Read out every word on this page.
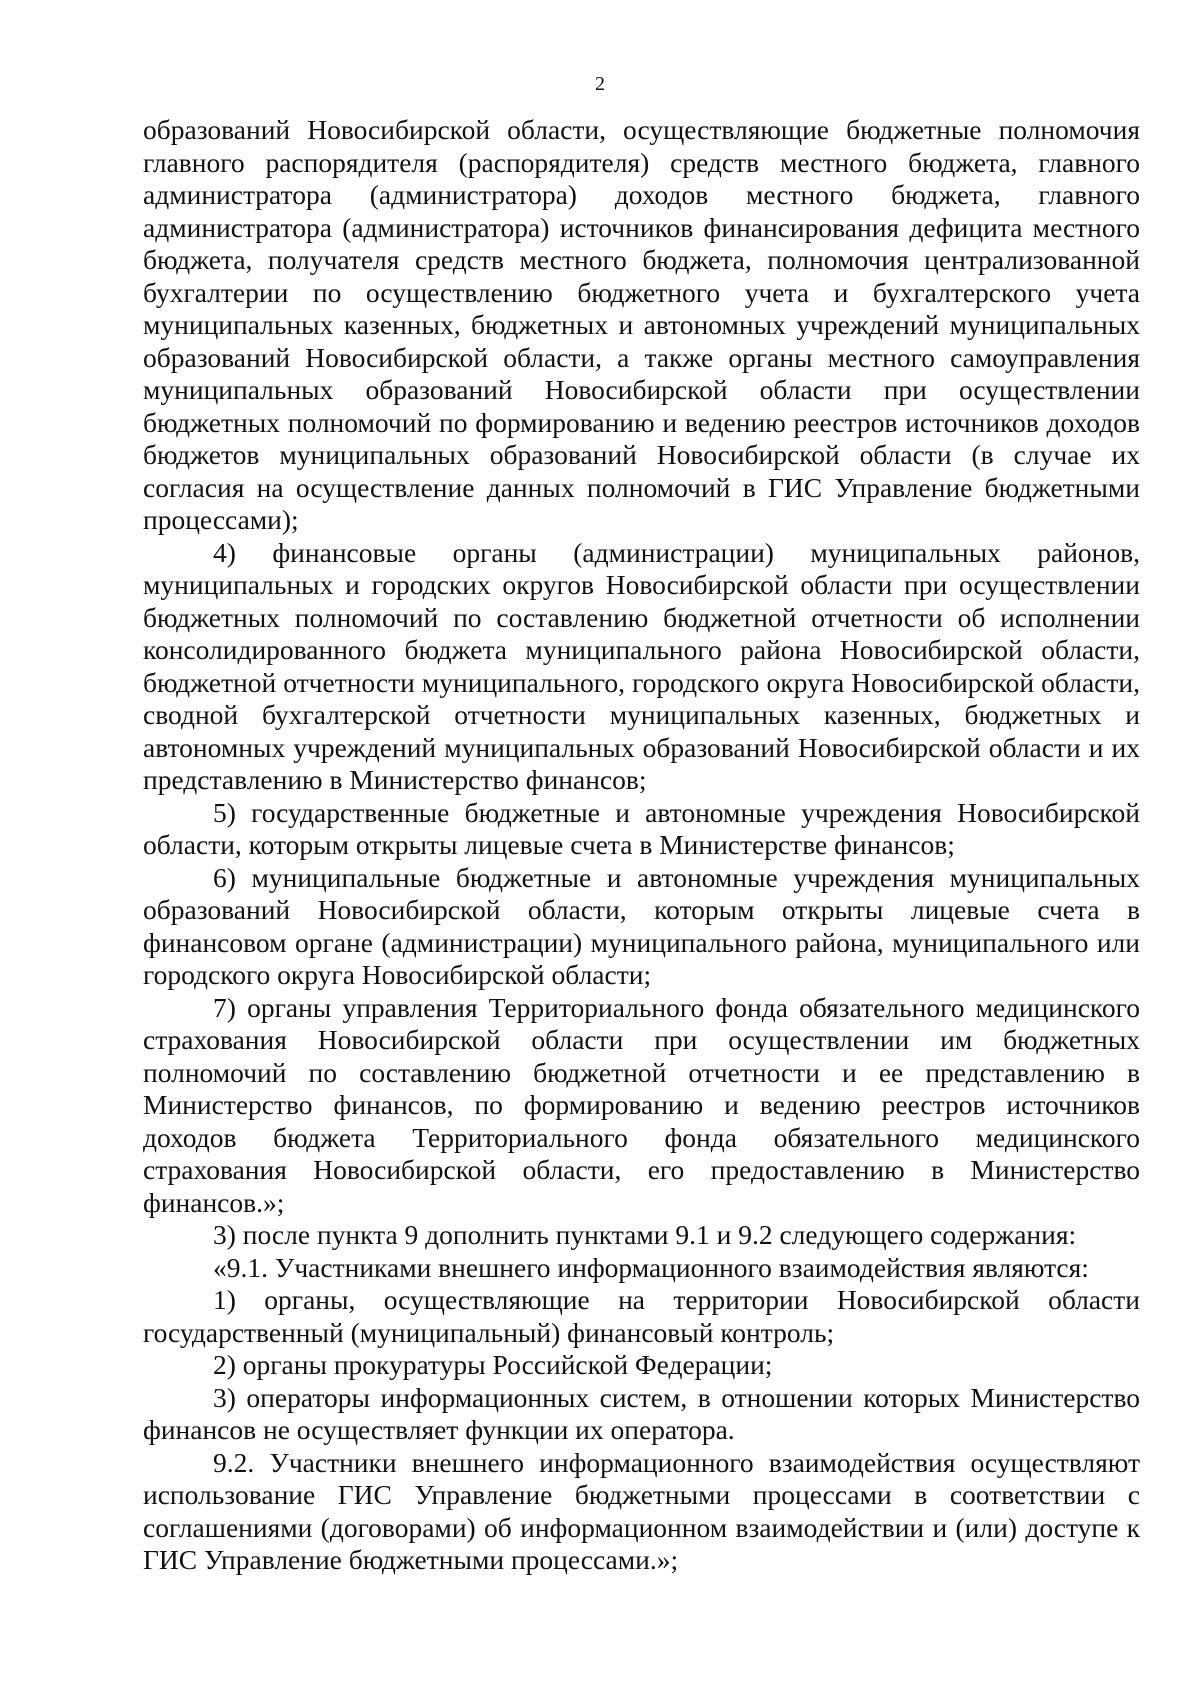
2

образований Новосибирской области, осуществляющие бюджетные полномочия главного распорядителя (распорядителя) средств местного бюджета, главного администратора (администратора) доходов местного бюджета, главного администратора (администратора) источников финансирования дефицита местного бюджета, получателя средств местного бюджета, полномочия централизованной бухгалтерии по осуществлению бюджетного учета и бухгалтерского учета муниципальных казенных, бюджетных и автономных учреждений муниципальных образований Новосибирской области, а также органы местного самоуправления муниципальных образований Новосибирской области при осуществлении бюджетных полномочий по формированию и ведению реестров источников доходов бюджетов муниципальных образований Новосибирской области (в случае их согласия на осуществление данных полномочий в ГИС Управление бюджетными процессами);

4) финансовые органы (администрации) муниципальных районов, муниципальных и городских округов Новосибирской области при осуществлении бюджетных полномочий по составлению бюджетной отчетности об исполнении консолидированного бюджета муниципального района Новосибирской области, бюджетной отчетности муниципального, городского округа Новосибирской области, сводной бухгалтерской отчетности муниципальных казенных, бюджетных и автономных учреждений муниципальных образований Новосибирской области и их представлению в Министерство финансов;

5) государственные бюджетные и автономные учреждения Новосибирской области, которым открыты лицевые счета в Министерстве финансов;

6) муниципальные бюджетные и автономные учреждения муниципальных образований Новосибирской области, которым открыты лицевые счета в финансовом органе (администрации) муниципального района, муниципального или городского округа Новосибирской области;

7) органы управления Территориального фонда обязательного медицинского страхования Новосибирской области при осуществлении им бюджетных полномочий по составлению бюджетной отчетности и ее представлению в Министерство финансов, по формированию и ведению реестров источников доходов бюджета Территориального фонда обязательного медицинского страхования Новосибирской области, его предоставлению в Министерство финансов.»;

3) после пункта 9 дополнить пунктами 9.1 и 9.2 следующего содержания:

«9.1. Участниками внешнего информационного взаимодействия являются:

1) органы, осуществляющие на территории Новосибирской области государственный (муниципальный) финансовый контроль;

2) органы прокуратуры Российской Федерации;

3) операторы информационных систем, в отношении которых Министерство финансов не осуществляет функции их оператора.

9.2. Участники внешнего информационного взаимодействия осуществляют использование ГИС Управление бюджетными процессами в соответствии с соглашениями (договорами) об информационном взаимодействии и (или) доступе к ГИС Управление бюджетными процессами.»;
